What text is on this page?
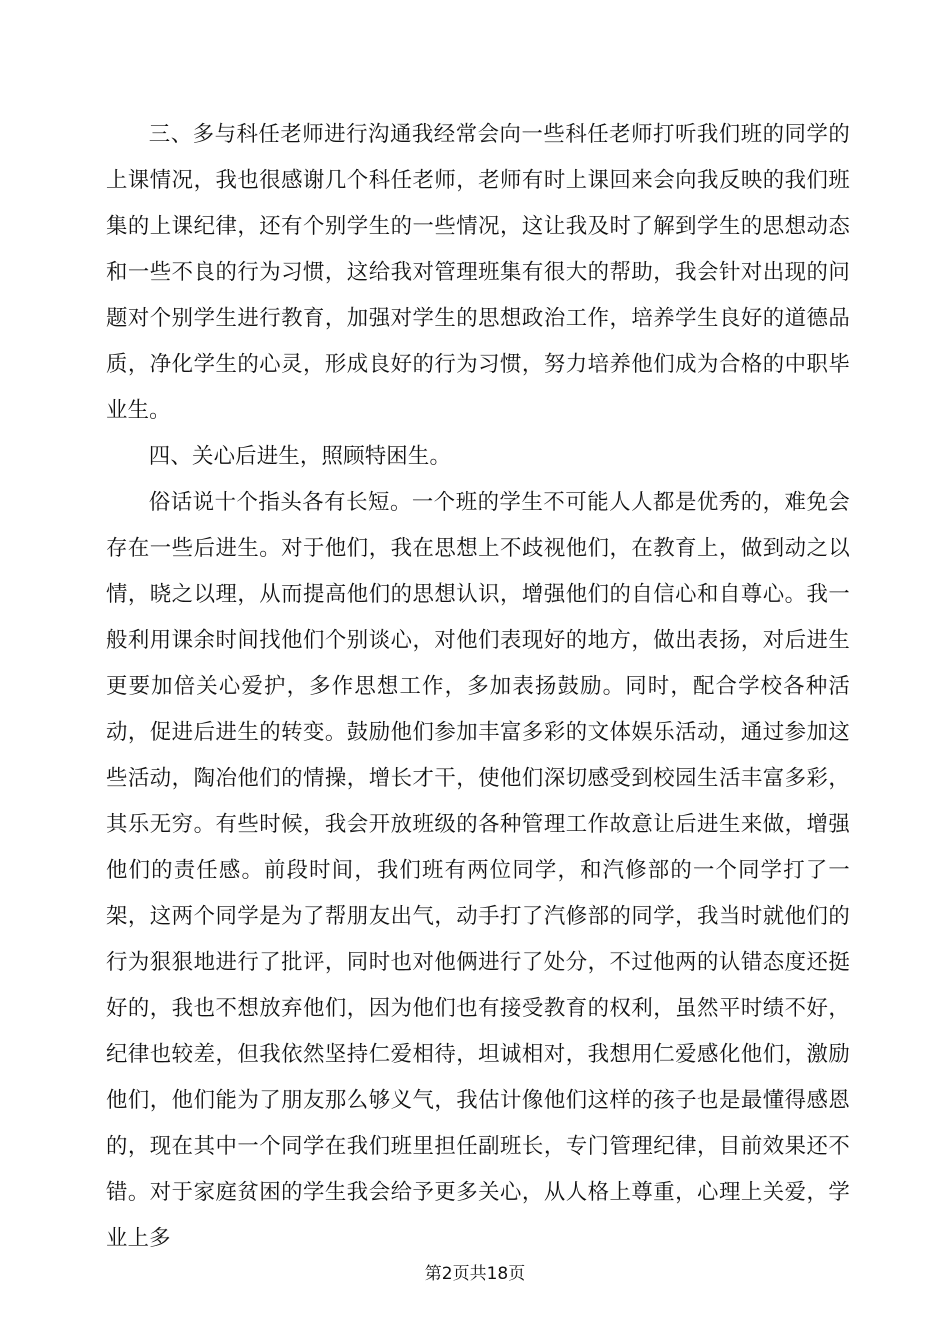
三、多与科任老师进行沟通我经常会向一些科任老师打听我们班的同学的上课情况，我也很感谢几个科任老师，老师有时上课回来会向我反映的我们班集的上课纪律，还有个别学生的一些情况，这让我及时了解到学生的思想动态和一些不良的行为习惯，这给我对管理班集有很大的帮助，我会针对出现的问题对个别学生进行教育，加强对学生的思想政治工作，培养学生良好的道德品质，净化学生的心灵，形成良好的行为习惯，努力培养他们成为合格的中职毕业生。

四、关心后进生，照顾特困生。

俗话说十个指头各有长短。一个班的学生不可能人人都是优秀的，难免会存在一些后进生。对于他们，我在思想上不歧视他们，在教育上，做到动之以情，晓之以理，从而提高他们的思想认识，增强他们的自信心和自尊心。我一般利用课余时间找他们个别谈心，对他们表现好的地方，做出表扬，对后进生更要加倍关心爱护，多作思想工作，多加表扬鼓励。同时，配合学校各种活动，促进后进生的转变。鼓励他们参加丰富多彩的文体娱乐活动，通过参加这些活动，陶冶他们的情操，增长才干，使他们深切感受到校园生活丰富多彩，其乐无穷。有些时候，我会开放班级的各种管理工作故意让后进生来做，增强他们的责任感。前段时间，我们班有两位同学，和汽修部的一个同学打了一架，这两个同学是为了帮朋友出气，动手打了汽修部的同学，我当时就他们的行为狠狠地进行了批评，同时也对他俩进行了处分，不过他两的认错态度还挺好的，我也不想放弃他们，因为他们也有接受教育的权利，虽然平时绩不好，纪律也较差，但我依然坚持仁爱相待，坦诚相对，我想用仁爱感化他们，激励他们，他们能为了朋友那么够义气，我估计像他们这样的孩子也是最懂得感恩的，现在其中一个同学在我们班里担任副班长，专门管理纪律，目前效果还不错。对于家庭贫困的学生我会给予更多关心，从人格上尊重，心理上关爱，学业上多

第2页共18页
